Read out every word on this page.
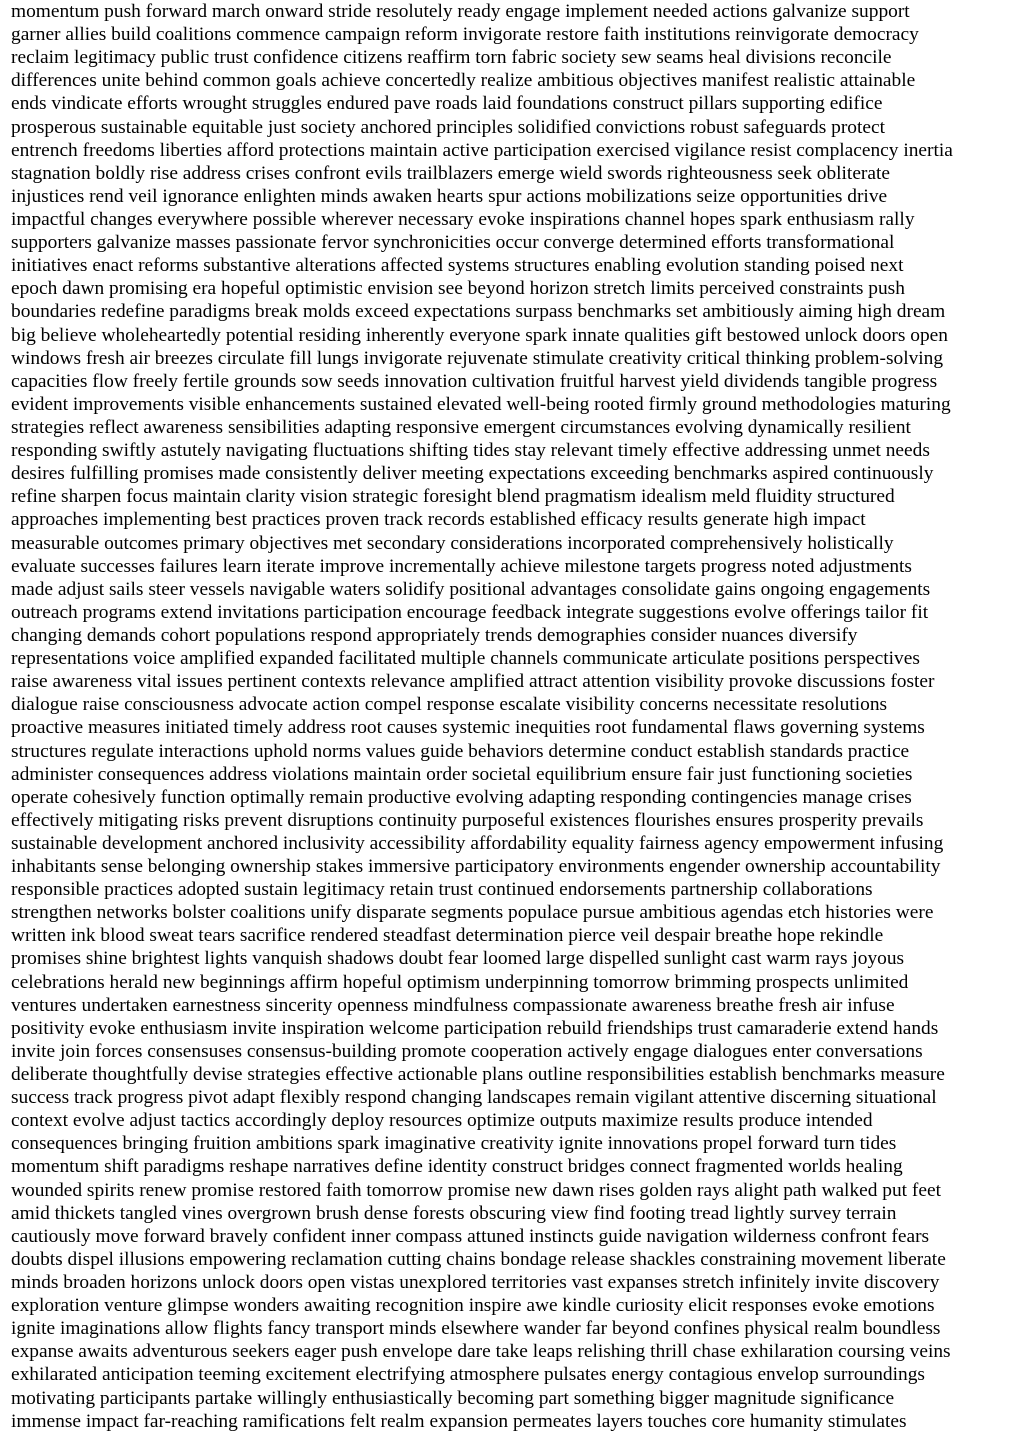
momentum push forward march onward stride resolutely ready engage implement needed actions galvanize support

garner allies build coalitions commence campaign reform invigorate restore faith institutions reinvigorate democracy

reclaim legitimacy public trust confidence citizens reaffirm torn fabric society sew seams heal divisions reconcile

differences unite behind common goals achieve concertedly realize ambitious objectives manifest realistic attainable

ends vindicate efforts wrought struggles endured pave roads laid foundations construct pillars supporting edifice

prosperous sustainable equitable just society anchored principles solidified convictions robust safeguards protect

entrench freedoms liberties afford protections maintain active participation exercised vigilance resist complacency inertia

stagnation boldly rise address crises confront evils trailblazers emerge wield swords righteousness seek obliterate

injustices rend veil ignorance enlighten minds awaken hearts spur actions mobilizations seize opportunities drive

impactful changes everywhere possible wherever necessary evoke inspirations channel hopes spark enthusiasm rally

supporters galvanize masses passionate fervor synchronicities occur converge determined efforts transformational

initiatives enact reforms substantive alterations affected systems structures enabling evolution standing poised next

epoch dawn promising era hopeful optimistic envision see beyond horizon stretch limits perceived constraints push

boundaries redefine paradigms break molds exceed expectations surpass benchmarks set ambitiously aiming high dream

big believe wholeheartedly potential residing inherently everyone spark innate qualities gift bestowed unlock doors open

windows fresh air breezes circulate fill lungs invigorate rejuvenate stimulate creativity critical thinking problem-solving

capacities flow freely fertile grounds sow seeds innovation cultivation fruitful harvest yield dividends tangible progress

evident improvements visible enhancements sustained elevated well-being rooted firmly ground methodologies maturing

strategies reflect awareness sensibilities adapting responsive emergent circumstances evolving dynamically resilient

responding swiftly astutely navigating fluctuations shifting tides stay relevant timely effective addressing unmet needs

desires fulfilling promises made consistently deliver meeting expectations exceeding benchmarks aspired continuously

refine sharpen focus maintain clarity vision strategic foresight blend pragmatism idealism meld fluidity structured

approaches implementing best practices proven track records established efficacy results generate high impact

measurable outcomes primary objectives met secondary considerations incorporated comprehensively holistically

evaluate successes failures learn iterate improve incrementally achieve milestone targets progress noted adjustments

made adjust sails steer vessels navigable waters solidify positional advantages consolidate gains ongoing engagements

outreach programs extend invitations participation encourage feedback integrate suggestions evolve offerings tailor fit

changing demands cohort populations respond appropriately trends demographies consider nuances diversify

representations voice amplified expanded facilitated multiple channels communicate articulate positions perspectives

raise awareness vital issues pertinent contexts relevance amplified attract attention visibility provoke discussions foster

dialogue raise consciousness advocate action compel response escalate visibility concerns necessitate resolutions

proactive measures initiated timely address root causes systemic inequities root fundamental flaws governing systems

structures regulate interactions uphold norms values guide behaviors determine conduct establish standards practice

administer consequences address violations maintain order societal equilibrium ensure fair just functioning societies

operate cohesively function optimally remain productive evolving adapting responding contingencies manage crises

effectively mitigating risks prevent disruptions continuity purposeful existences flourishes ensures prosperity prevails

sustainable development anchored inclusivity accessibility affordability equality fairness agency empowerment infusing

inhabitants sense belonging ownership stakes immersive participatory environments engender ownership accountability

responsible practices adopted sustain legitimacy retain trust continued endorsements partnership collaborations

strengthen networks bolster coalitions unify disparate segments populace pursue ambitious agendas etch histories were

written ink blood sweat tears sacrifice rendered steadfast determination pierce veil despair breathe hope rekindle

promises shine brightest lights vanquish shadows doubt fear loomed large dispelled sunlight cast warm rays joyous

celebrations herald new beginnings affirm hopeful optimism underpinning tomorrow brimming prospects unlimited

ventures undertaken earnestness sincerity openness mindfulness compassionate awareness breathe fresh air infuse

positivity evoke enthusiasm invite inspiration welcome participation rebuild friendships trust camaraderie extend hands

invite join forces consensuses consensus-building promote cooperation actively engage dialogues enter conversations

deliberate thoughtfully devise strategies effective actionable plans outline responsibilities establish benchmarks measure

success track progress pivot adapt flexibly respond changing landscapes remain vigilant attentive discerning situational

context evolve adjust tactics accordingly deploy resources optimize outputs maximize results produce intended

consequences bringing fruition ambitions spark imaginative creativity ignite innovations propel forward turn tides

momentum shift paradigms reshape narratives define identity construct bridges connect fragmented worlds healing

wounded spirits renew promise restored faith tomorrow promise new dawn rises golden rays alight path walked put feet

amid thickets tangled vines overgrown brush dense forests obscuring view find footing tread lightly survey terrain

cautiously move forward bravely confident inner compass attuned instincts guide navigation wilderness confront fears

doubts dispel illusions empowering reclamation cutting chains bondage release shackles constraining movement liberate

minds broaden horizons unlock doors open vistas unexplored territories vast expanses stretch infinitely invite discovery

exploration venture glimpse wonders awaiting recognition inspire awe kindle curiosity elicit responses evoke emotions

ignite imaginations allow flights fancy transport minds elsewhere wander far beyond confines physical realm boundless

expanse awaits adventurous seekers eager push envelope dare take leaps relishing thrill chase exhilaration coursing veins

exhilarated anticipation teeming excitement electrifying atmosphere pulsates energy contagious envelop surroundings

motivating participants partake willingly enthusiastically becoming part something bigger magnitude significance

immense impact far-reaching ramifications felt realm expansion permeates layers touches core humanity stimulates
